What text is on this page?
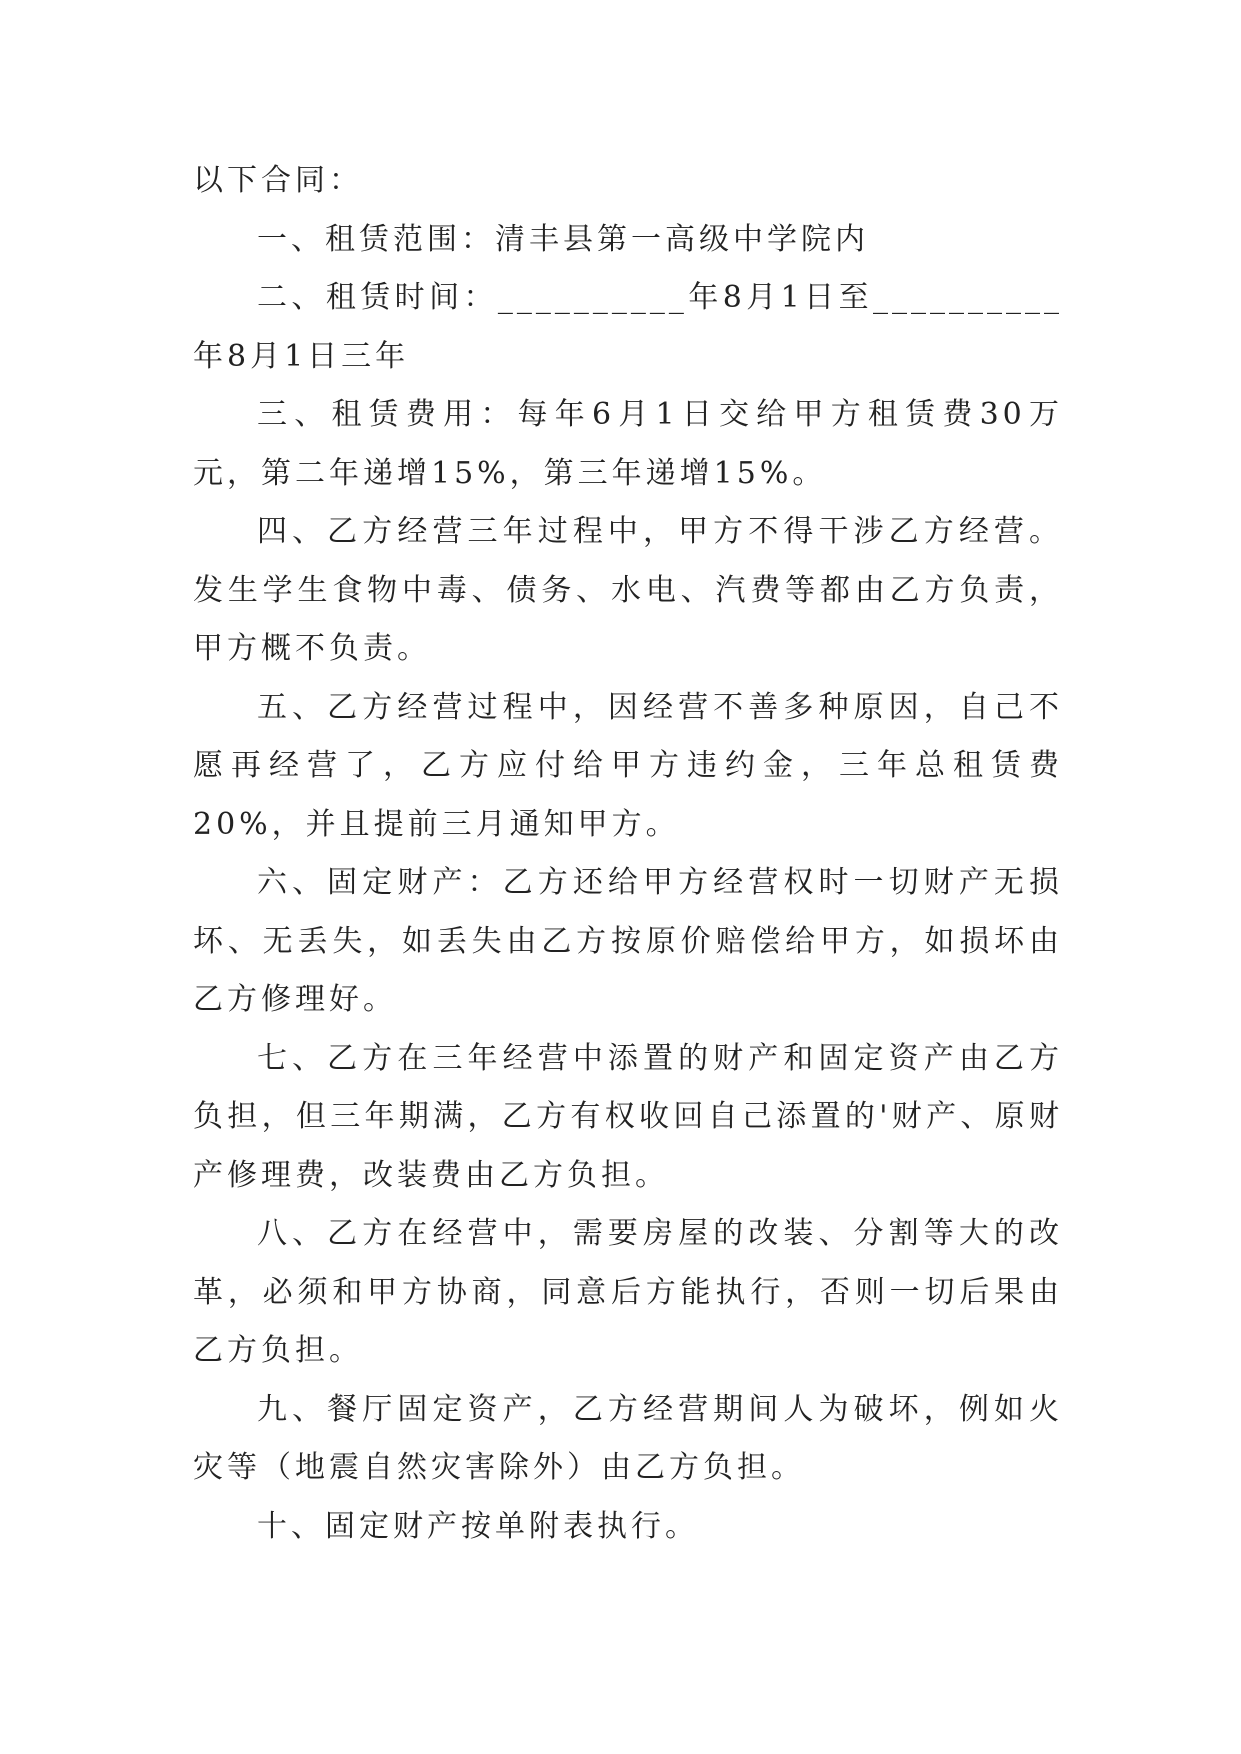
以下合同：

一、租赁范围：清丰县第一高级中学院内

二、租赁时间：__________年8月1日至__________年8月1日三年

三、租赁费用：每年6月1日交给甲方租赁费30万元，第二年递增15%，第三年递增15%。

四、乙方经营三年过程中，甲方不得干涉乙方经营。发生学生食物中毒、债务、水电、汽费等都由乙方负责，甲方概不负责。

五、乙方经营过程中，因经营不善多种原因，自己不愿再经营了，乙方应付给甲方违约金，三年总租赁费20%，并且提前三月通知甲方。

六、固定财产：乙方还给甲方经营权时一切财产无损坏、无丢失，如丢失由乙方按原价赔偿给甲方，如损坏由乙方修理好。

七、乙方在三年经营中添置的财产和固定资产由乙方负担，但三年期满，乙方有权收回自己添置的'财产、原财产修理费，改装费由乙方负担。

八、乙方在经营中，需要房屋的改装、分割等大的改革，必须和甲方协商，同意后方能执行，否则一切后果由乙方负担。

九、餐厅固定资产，乙方经营期间人为破坏，例如火灾等（地震自然灾害除外）由乙方负担。

十、固定财产按单附表执行。
